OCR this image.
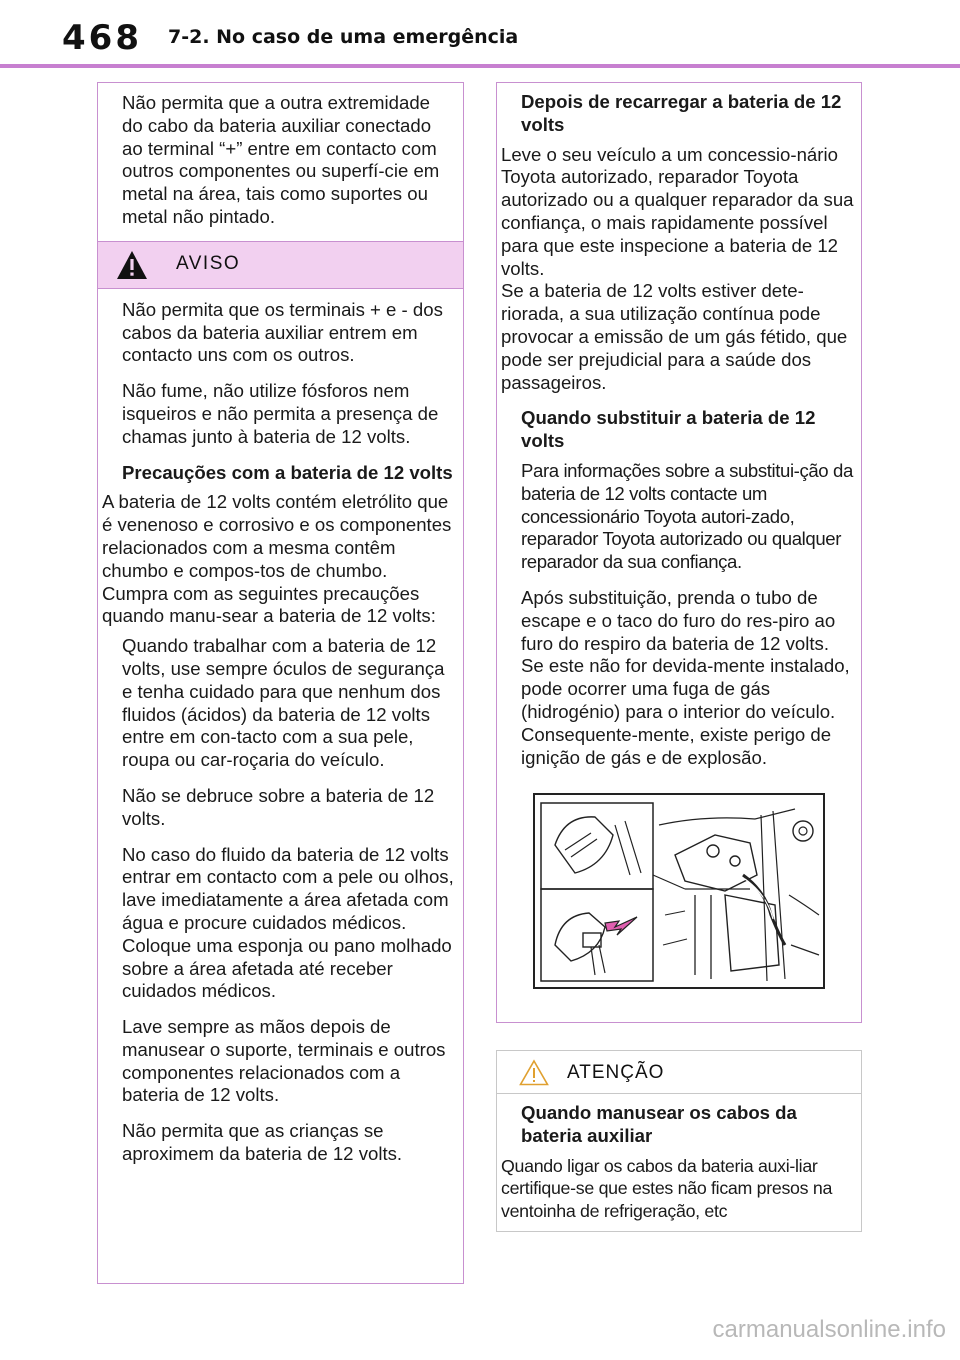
468 7-2. No caso de uma emergência

Não permita que a outra extremidade do cabo da bateria auxiliar conectado ao terminal “+” entre em contacto com outros componentes ou superfí-cie em metal na área, tais como suportes ou metal não pintado.

AVISO

Não permita que os terminais + e - dos cabos da bateria auxiliar entrem em contacto uns com os outros.

Não fume, não utilize fósforos nem isqueiros e não permita a presença de chamas junto à bateria de 12 volts.

Precauções com a bateria de 12 volts

A bateria de 12 volts contém eletrólito que é venenoso e corrosivo e os componentes relacionados com a mesma contêm chumbo e compos-tos de chumbo. Cumpra com as seguintes precauções quando manu-sear a bateria de 12 volts:

Quando trabalhar com a bateria de 12 volts, use sempre óculos de segurança e tenha cuidado para que nenhum dos fluidos (ácidos) da bateria de 12 volts entre em con-tacto com a sua pele, roupa ou car-roçaria do veículo.

Não se debruce sobre a bateria de 12 volts.

No caso do fluido da bateria de 12 volts entrar em contacto com a pele ou olhos, lave imediatamente a área afetada com água e procure cuidados médicos.

Coloque uma esponja ou pano molhado sobre a área afetada até receber cuidados médicos.

Lave sempre as mãos depois de manusear o suporte, terminais e outros componentes relacionados com a bateria de 12 volts.

Não permita que as crianças se aproximem da bateria de 12 volts.

Depois de recarregar a bateria de 12 volts

Leve o seu veículo a um concessio-nário Toyota autorizado, reparador Toyota autorizado ou a qualquer reparador da sua confiança, o mais rapidamente possível para que este inspecione a bateria de 12 volts.

Se a bateria de 12 volts estiver dete-riorada, a sua utilização contínua pode provocar a emissão de um gás fétido, que pode ser prejudicial para a saúde dos passageiros.

Quando substituir a bateria de 12 volts

Para informações sobre a substitui-ção da bateria de 12 volts contacte um concessionário Toyota autori-zado, reparador Toyota autorizado ou qualquer reparador da sua confiança.

Após substituição, prenda o tubo de escape e o taco do furo do res-piro ao furo do respiro da bateria de 12 volts. Se este não for devida-mente instalado, pode ocorrer uma fuga de gás (hidrogénio) para o interior do veículo. Consequente-mente, existe perigo de ignição de gás e de explosão.

ATENÇÃO

Quando manusear os cabos da bateria auxiliar

Quando ligar os cabos da bateria auxi-liar certifique-se que estes não ficam presos na ventoinha de refrigeração, etc

carmanualsonline.info
